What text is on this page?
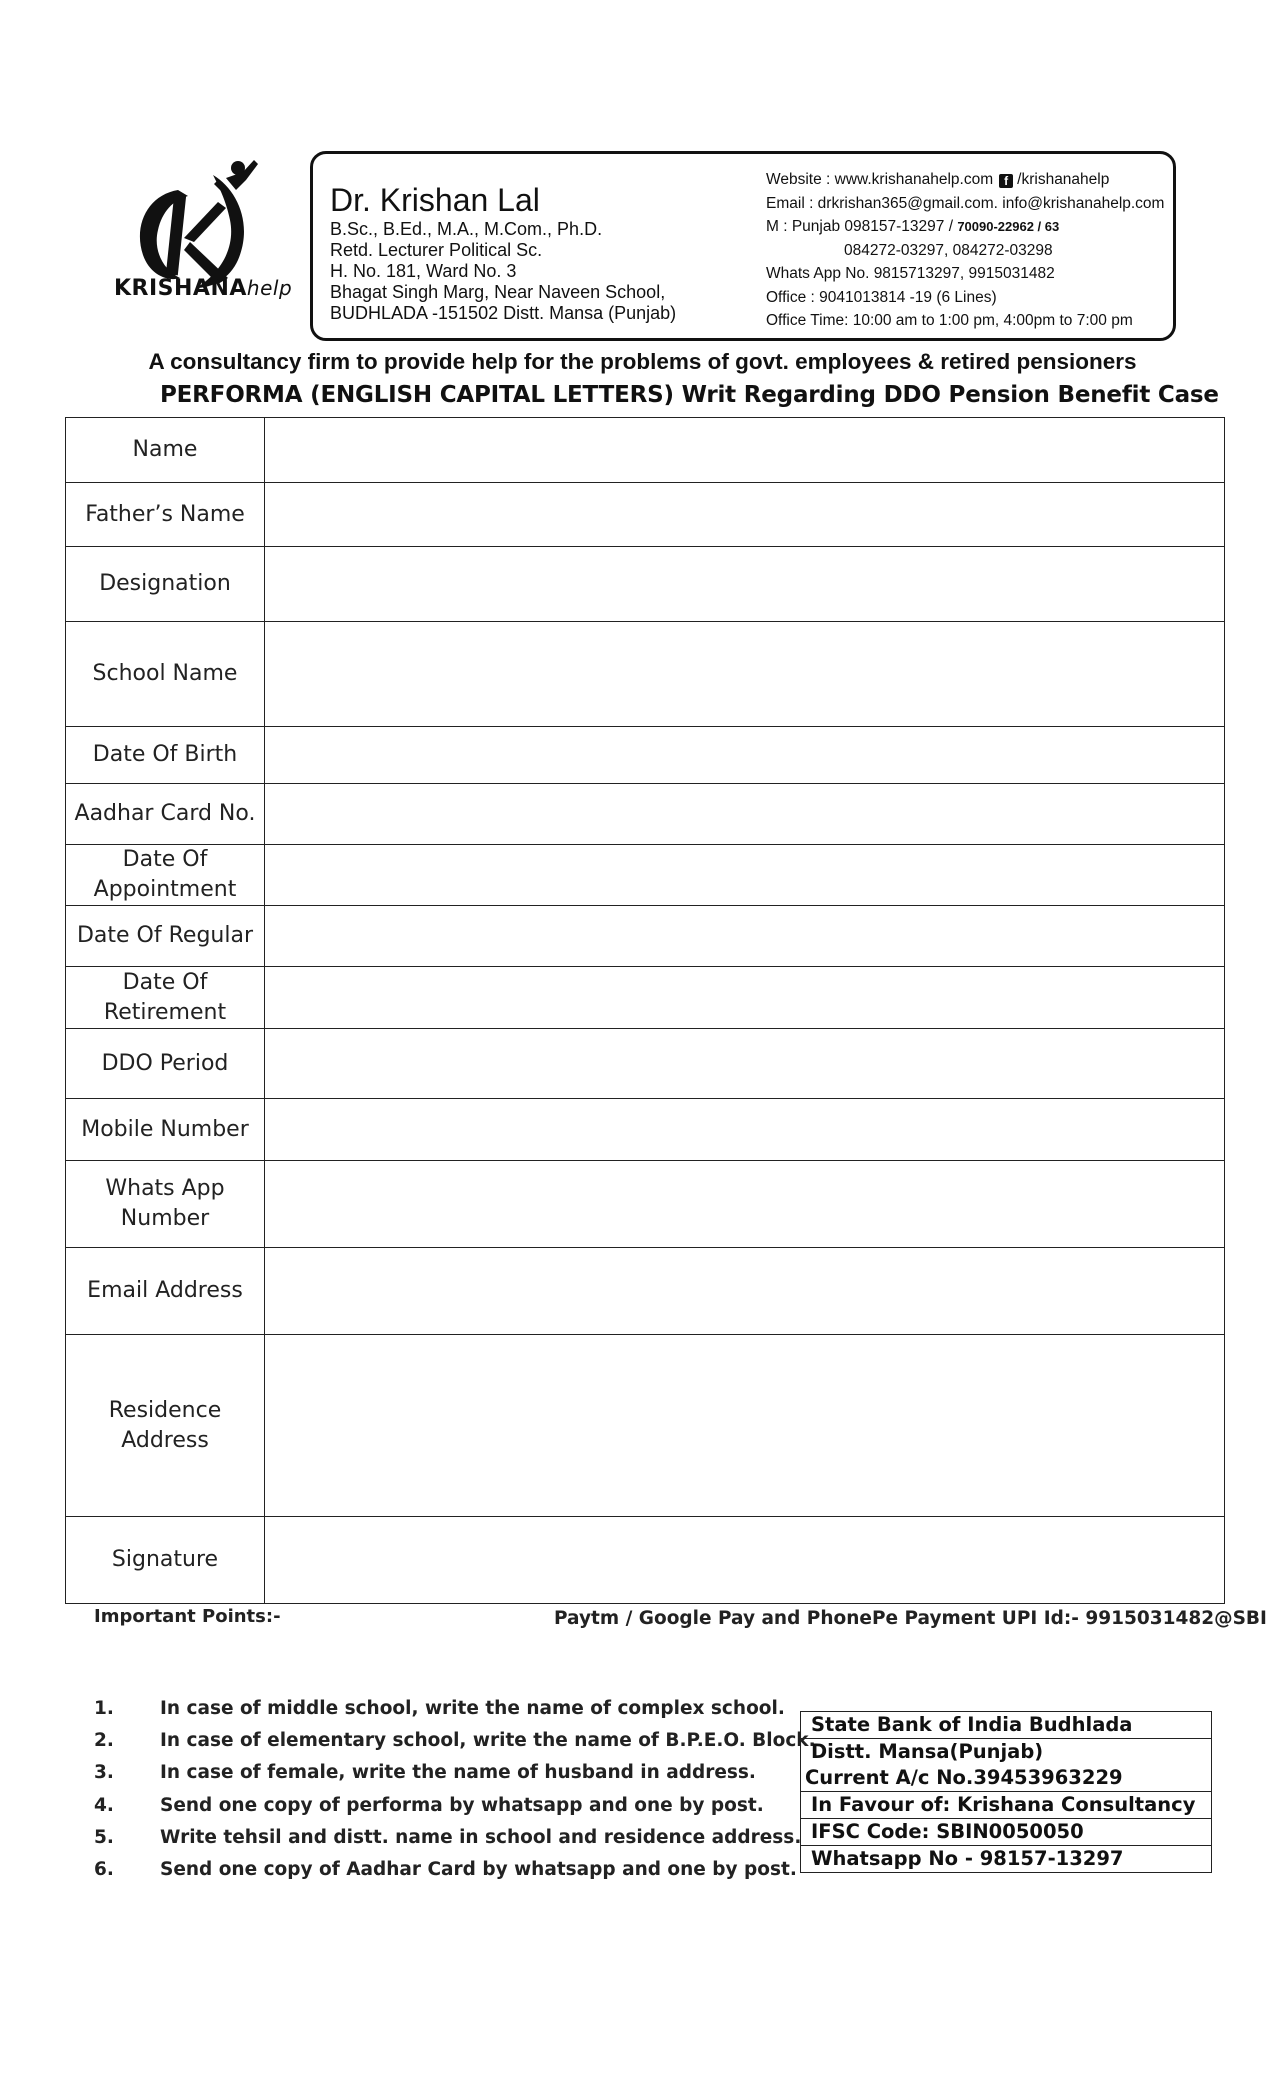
KRISHANAhelp
Dr. Krishan Lal
B.Sc., B.Ed., M.A., M.Com., Ph.D.
Retd. Lecturer Political Sc.
H. No. 181, Ward No. 3
Bhagat Singh Marg, Near Naveen School,
BUDHLADA -151502 Distt. Mansa (Punjab)
Website : www.krishanahelp.com f /krishanahelp
Email : drkrishan365@gmail.com. info@krishanahelp.com
M : Punjab 098157-13297 / 70090-22962 / 63
084272-03297, 084272-03298
Whats App No. 9815713297, 9915031482
Office : 9041013814 -19 (6 Lines)
Office Time: 10:00 am to 1:00 pm, 4:00pm to 7:00 pm
A consultancy firm to provide help for the problems of govt. employees & retired pensioners
PERFORMA (ENGLISH CAPITAL LETTERS) Writ Regarding DDO Pension Benefit Case
Name	
Father’s Name	
Designation	
School Name	
Date Of Birth	
Aadhar Card No.	
Date Of Appointment	
Date Of Regular	
Date Of Retirement	
DDO Period	
Mobile Number	
Whats App Number	
Email Address	
Residence Address	
Signature	
Important Points:-	Paytm / Google Pay and PhonePe Payment UPI Id:- 9915031482@SBI
1. In case of middle school, write the name of complex school.
2. In case of elementary school, write the name of B.P.E.O. Block.
3. In case of female, write the name of husband in address.
4. Send one copy of performa by whatsapp and one by post.
5. Write tehsil and distt. name in school and residence address.
6. Send one copy of Aadhar Card by whatsapp and one by post.
State Bank of India Budhlada

Distt. Mansa(Punjab)
Current A/c No.39453963229

In Favour of: Krishana Consultancy
IFSC Code: SBIN0050050
Whatsapp No - 98157-13297
